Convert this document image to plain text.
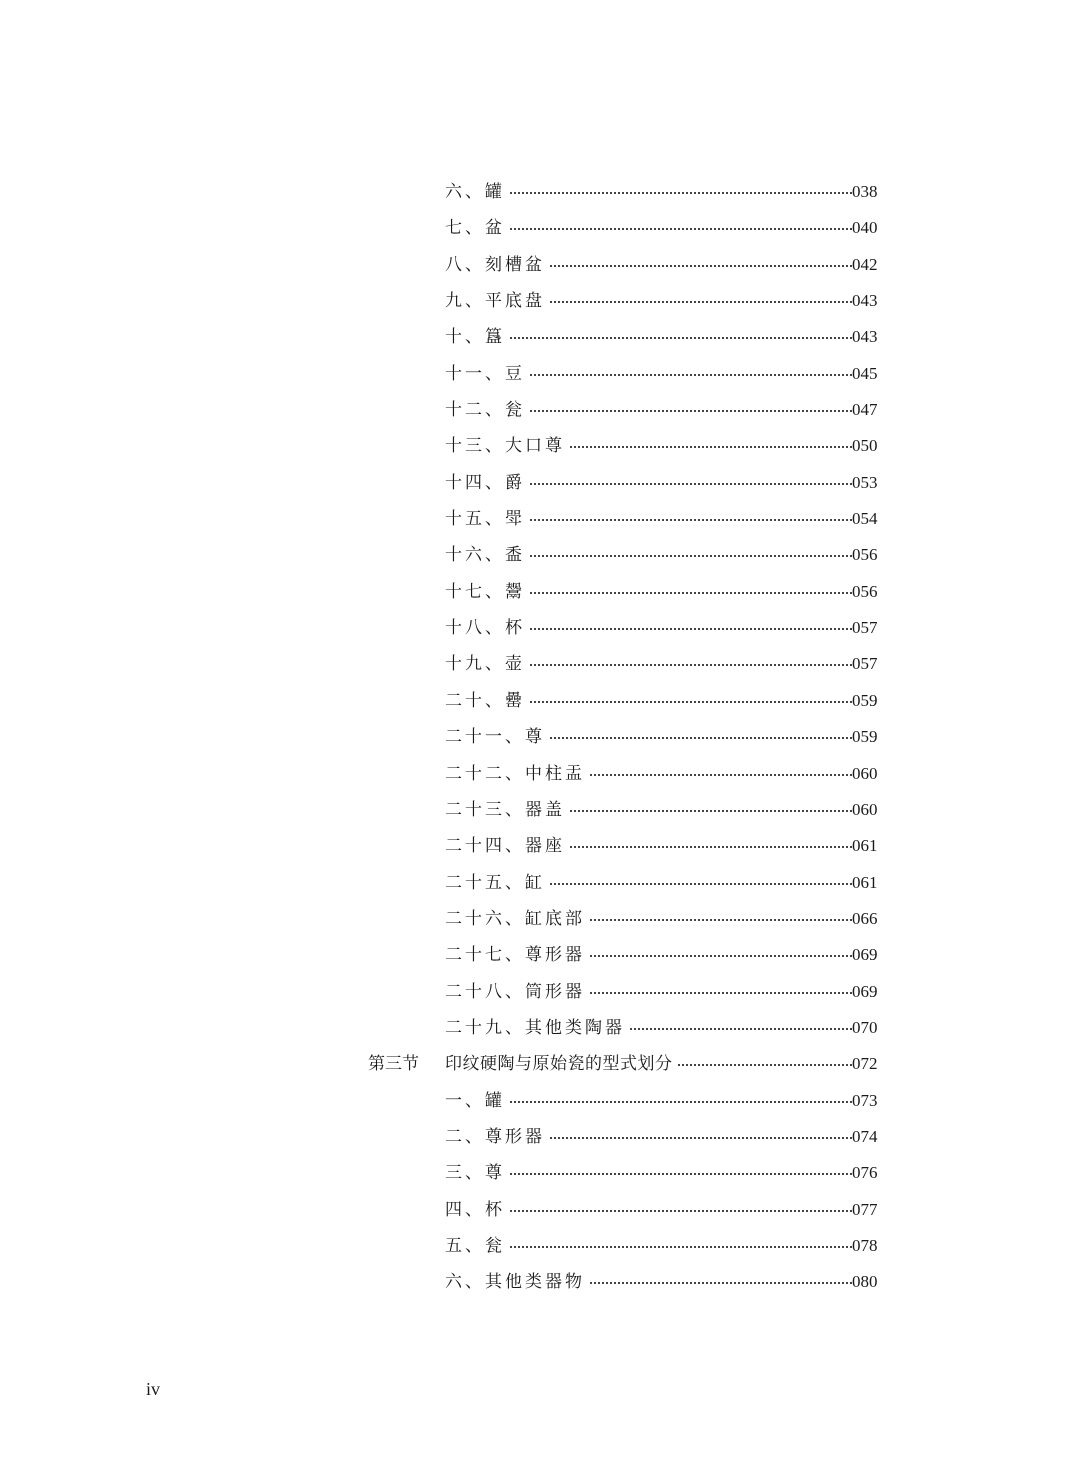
六、罐	038
七、盆	040
八、刻槽盆	042
九、平底盘	043
十、簋	043
十一、豆	045
十二、瓮	047
十三、大口尊	050
十四、爵	053
十五、斝	054
十六、盉	056
十七、鬶	056
十八、杯	057
十九、壶	057
二十、罍	059
二十一、尊	059
二十二、中柱盂	060
二十三、器盖	060
二十四、器座	061
二十五、缸	061
二十六、缸底部	066
二十七、尊形器	069
二十八、筒形器	069
二十九、其他类陶器	070
第三节 印纹硬陶与原始瓷的型式划分	072
一、罐	073
二、尊形器	074
三、尊	076
四、杯	077
五、瓮	078
六、其他类器物	080
iv
